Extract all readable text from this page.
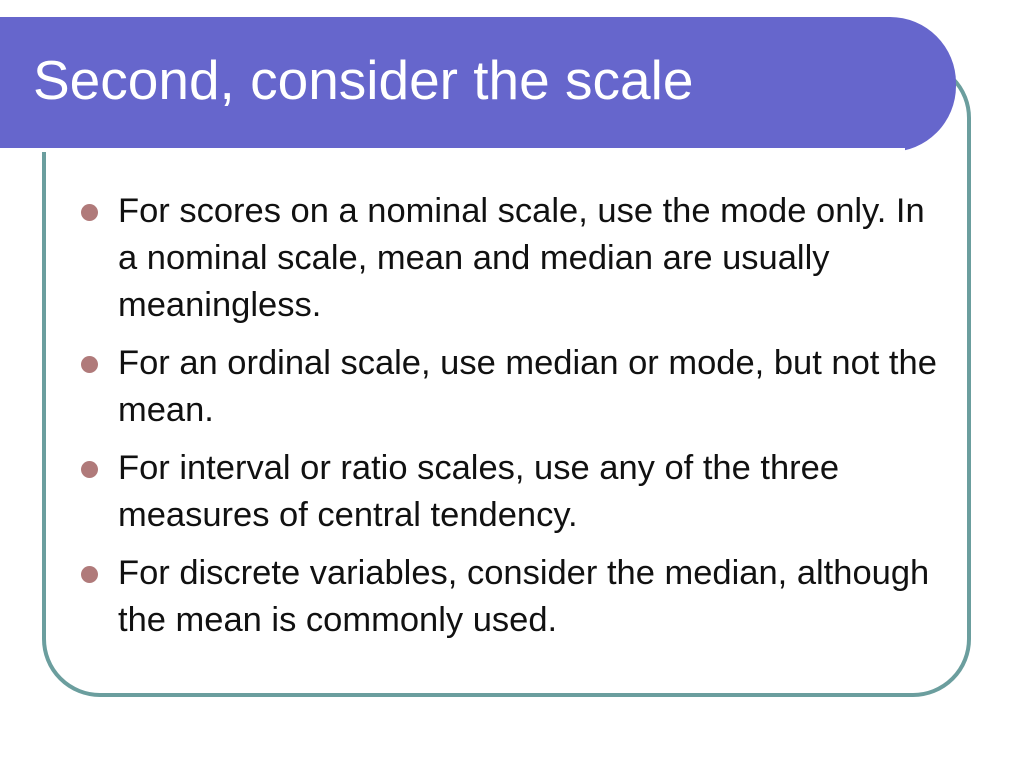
Second, consider the scale
For scores on a nominal scale, use the mode only. In a nominal scale, mean and median are usually meaningless.
For an ordinal scale, use median or mode, but not the mean.
For interval or ratio scales, use any of the three measures of central tendency.
For discrete variables, consider the median, although the mean is commonly used.
